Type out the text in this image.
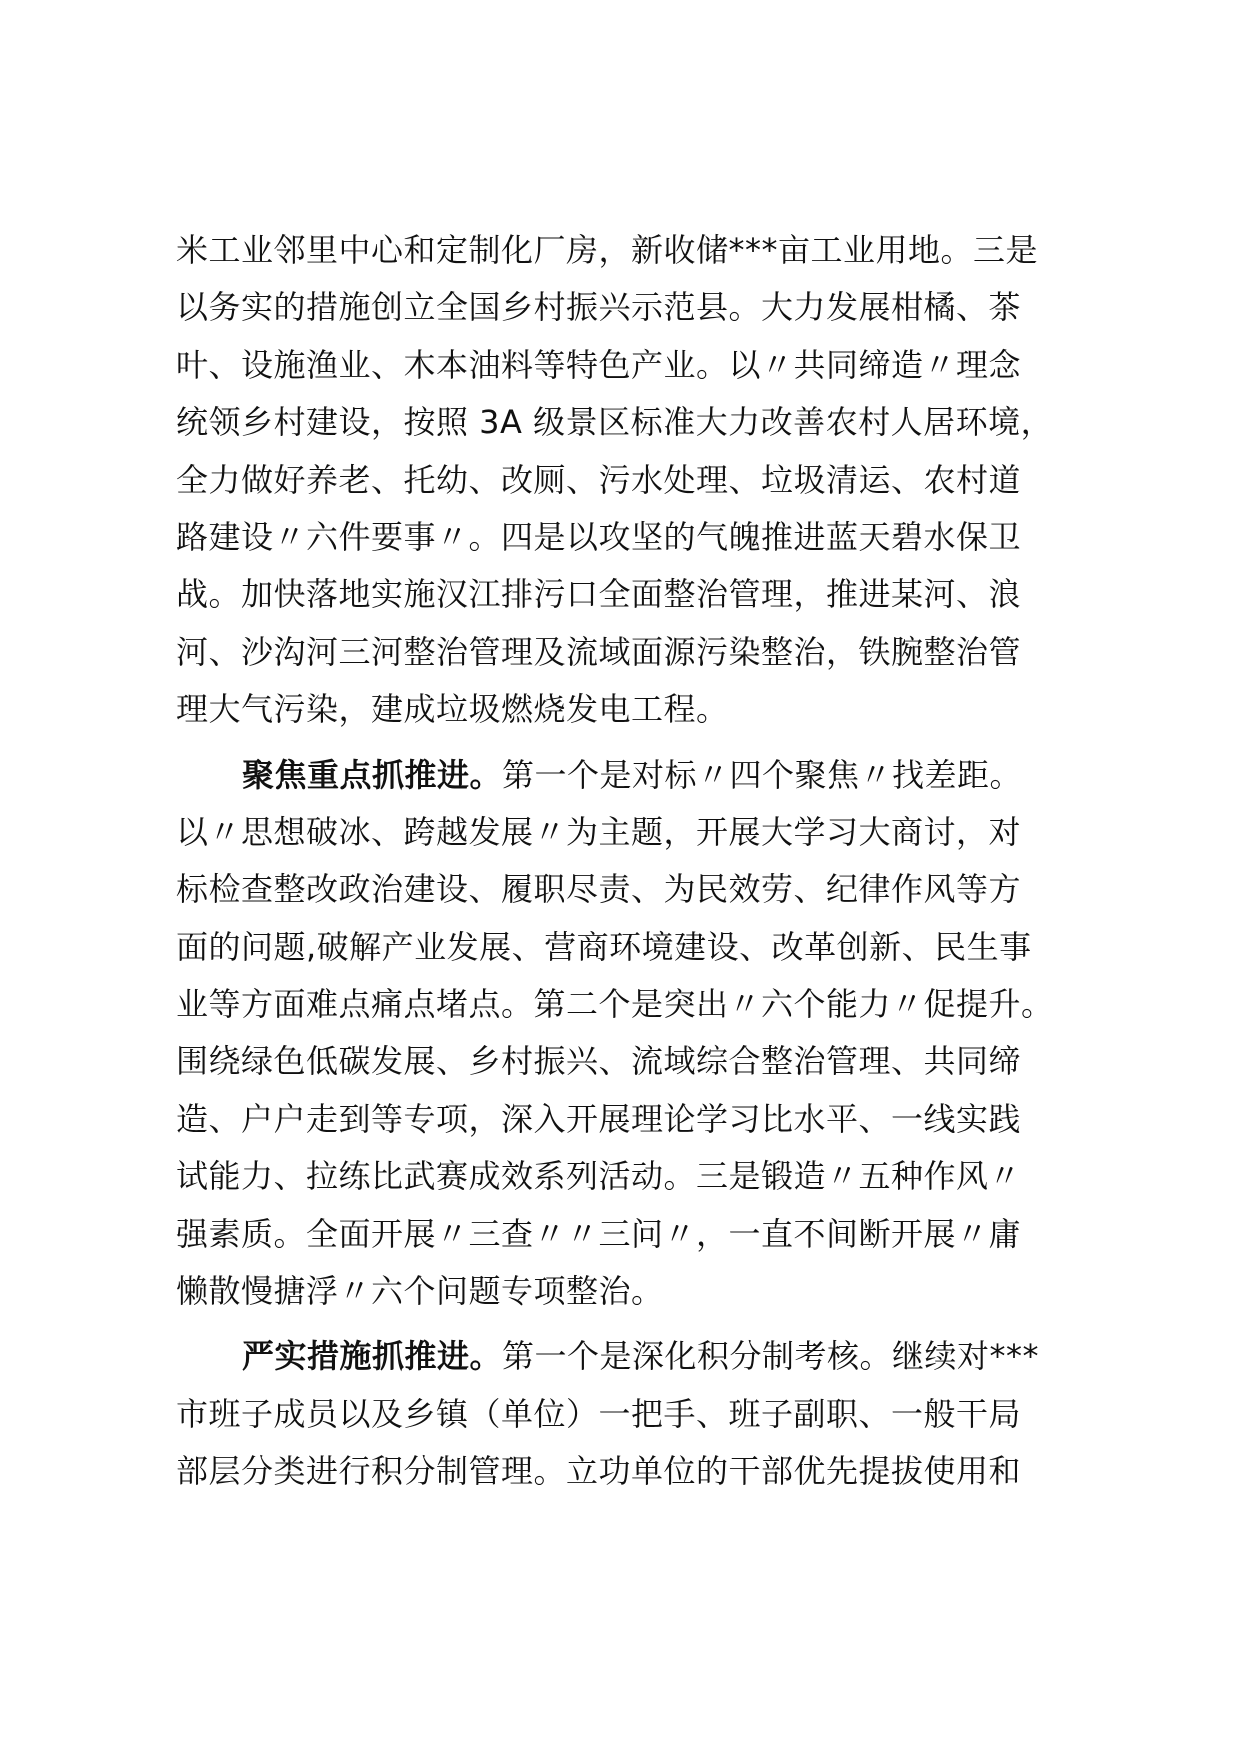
米工业邻里中心和定制化厂房，新收储***亩工业用地。三是
以务实的措施创立全国乡村振兴示范县。大力发展柑橘、茶
叶、设施渔业、木本油料等特色产业。以〃共同缔造〃理念
统领乡村建设，按照 3A 级景区标准大力改善农村人居环境，
全力做好养老、托幼、改厕、污水处理、垃圾清运、农村道
路建设〃六件要事〃。四是以攻坚的气魄推进蓝天碧水保卫
战。加快落地实施汉江排污口全面整治管理，推进某河、浪
河、沙沟河三河整治管理及流域面源污染整治，铁腕整治管
理大气污染，建成垃圾燃烧发电工程。
聚焦重点抓推进。第一个是对标〃四个聚焦〃找差距。
以〃思想破冰、跨越发展〃为主题，开展大学习大商讨，对
标检查整改政治建设、履职尽责、为民效劳、纪律作风等方
面的问题,破解产业发展、营商环境建设、改革创新、民生事
业等方面难点痛点堵点。第二个是突出〃六个能力〃促提升。
围绕绿色低碳发展、乡村振兴、流域综合整治管理、共同缔
造、户户走到等专项，深入开展理论学习比水平、一线实践
试能力、拉练比武赛成效系列活动。三是锻造〃五种作风〃
强素质。全面开展〃三查〃〃三问〃，一直不间断开展〃庸
懒散慢搪浮〃六个问题专项整治。
严实措施抓推进。第一个是深化积分制考核。继续对***
市班子成员以及乡镇（单位）一把手、班子副职、一般干局
部层分类进行积分制管理。立功单位的干部优先提拔使用和
